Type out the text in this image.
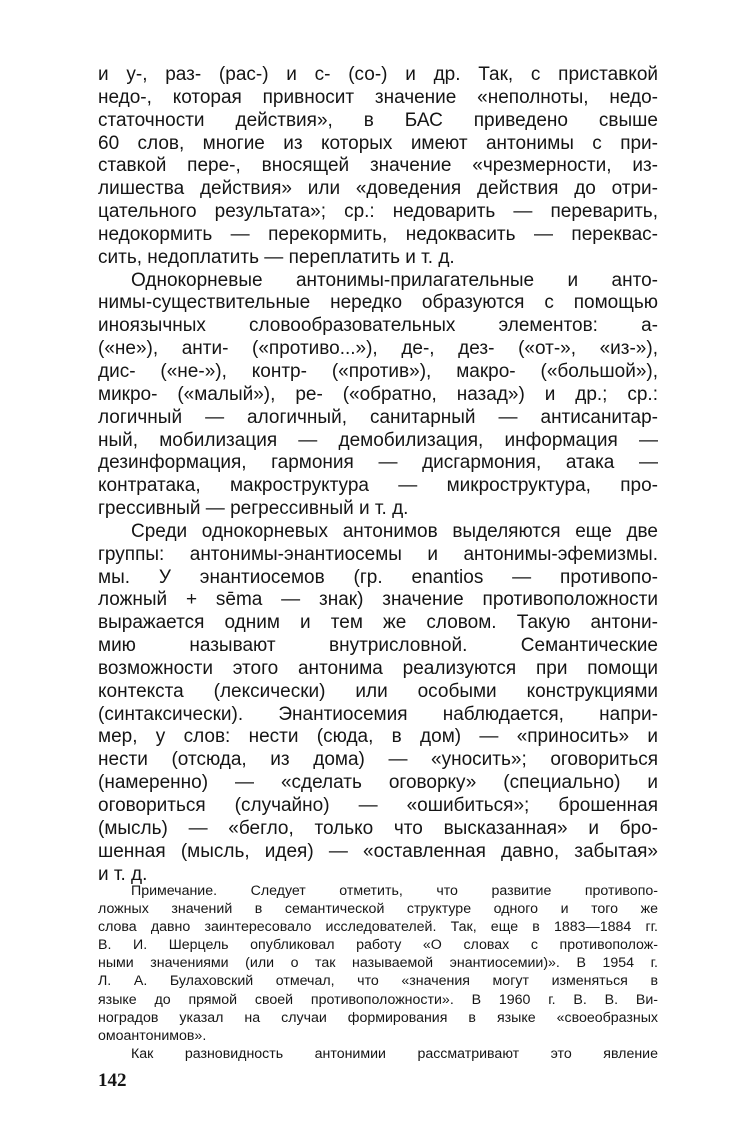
и у-, раз- (рас-) и с- (со-) и др. Так, с приставкой
недо-, которая привносит значение «неполноты, недо-
статочности действия», в БАС приведено свыше
60 слов, многие из которых имеют антонимы с при-
ставкой пере-, вносящей значение «чрезмерности, из-
лишества действия» или «доведения действия до отри-
цательного результата»; ср.: недоварить — переварить,
недокормить — перекормить, недоквасить — перекваc-
сить, недоплатить — переплатить и т. д.
Однокорневые антонимы-прилагательные и анто-
нимы-существительные нередко образуются с помощью
иноязычных словообразовательных элементов: а-
(«не»), анти- («противо...»), де-, дез- («от-», «из-»),
дис- («не-»), контр- («против»), макро- («большой»),
микро- («малый»), ре- («обратно, назад») и др.; ср.:
логичный — алогичный, санитарный — антисанитар-
ный, мобилизация — демобилизация, информация —
дезинформация, гармония — дисгармония, атака —
контратака, макроструктура — микроструктура, про-
грессивный — регрессивный и т. д.
Среди однокорневых антонимов выделяются еще две
группы: антонимы-энантиосемы и антонимы-эфемизмы.
мы. У энантиосемов (гр. enantios — противопо-
ложный + sēma — знак) значение противоположности
выражается одним и тем же словом. Такую антони-
мию называют внутрисловной. Семантические
возможности этого антонима реализуются при помощи
контекста (лексически) или особыми конструкциями
(синтаксически). Энантиосемия наблюдается, напри-
мер, у слов: нести (сюда, в дом) — «приносить» и
нести (отсюда, из дома) — «уносить»; оговориться
(намеренно) — «сделать оговорку» (специально) и
оговориться (случайно) — «ошибиться»; брошенная
(мысль) — «бегло, только что высказанная» и бро-
шенная (мысль, идея) — «оставленная давно, забытая»
и т. д.
Примечание. Следует отметить, что развитие противопо-
ложных значений в семантической структуре одного и того же
слова давно заинтересовало исследователей. Так, еще в 1883—1884 гг.
В. И. Шерцель опубликовал работу «О словах с противополож-
ными значениями (или о так называемой энантиосемии)». В 1954 г.
Л. А. Булаховский отмечал, что «значения могут изменяться в
языке до прямой своей противоположности». В 1960 г. В. В. Ви-
ноградов указал на случаи формирования в языке «своеобразных
омоантонимов».
Как разновидность антонимии рассматривают это явление
142
